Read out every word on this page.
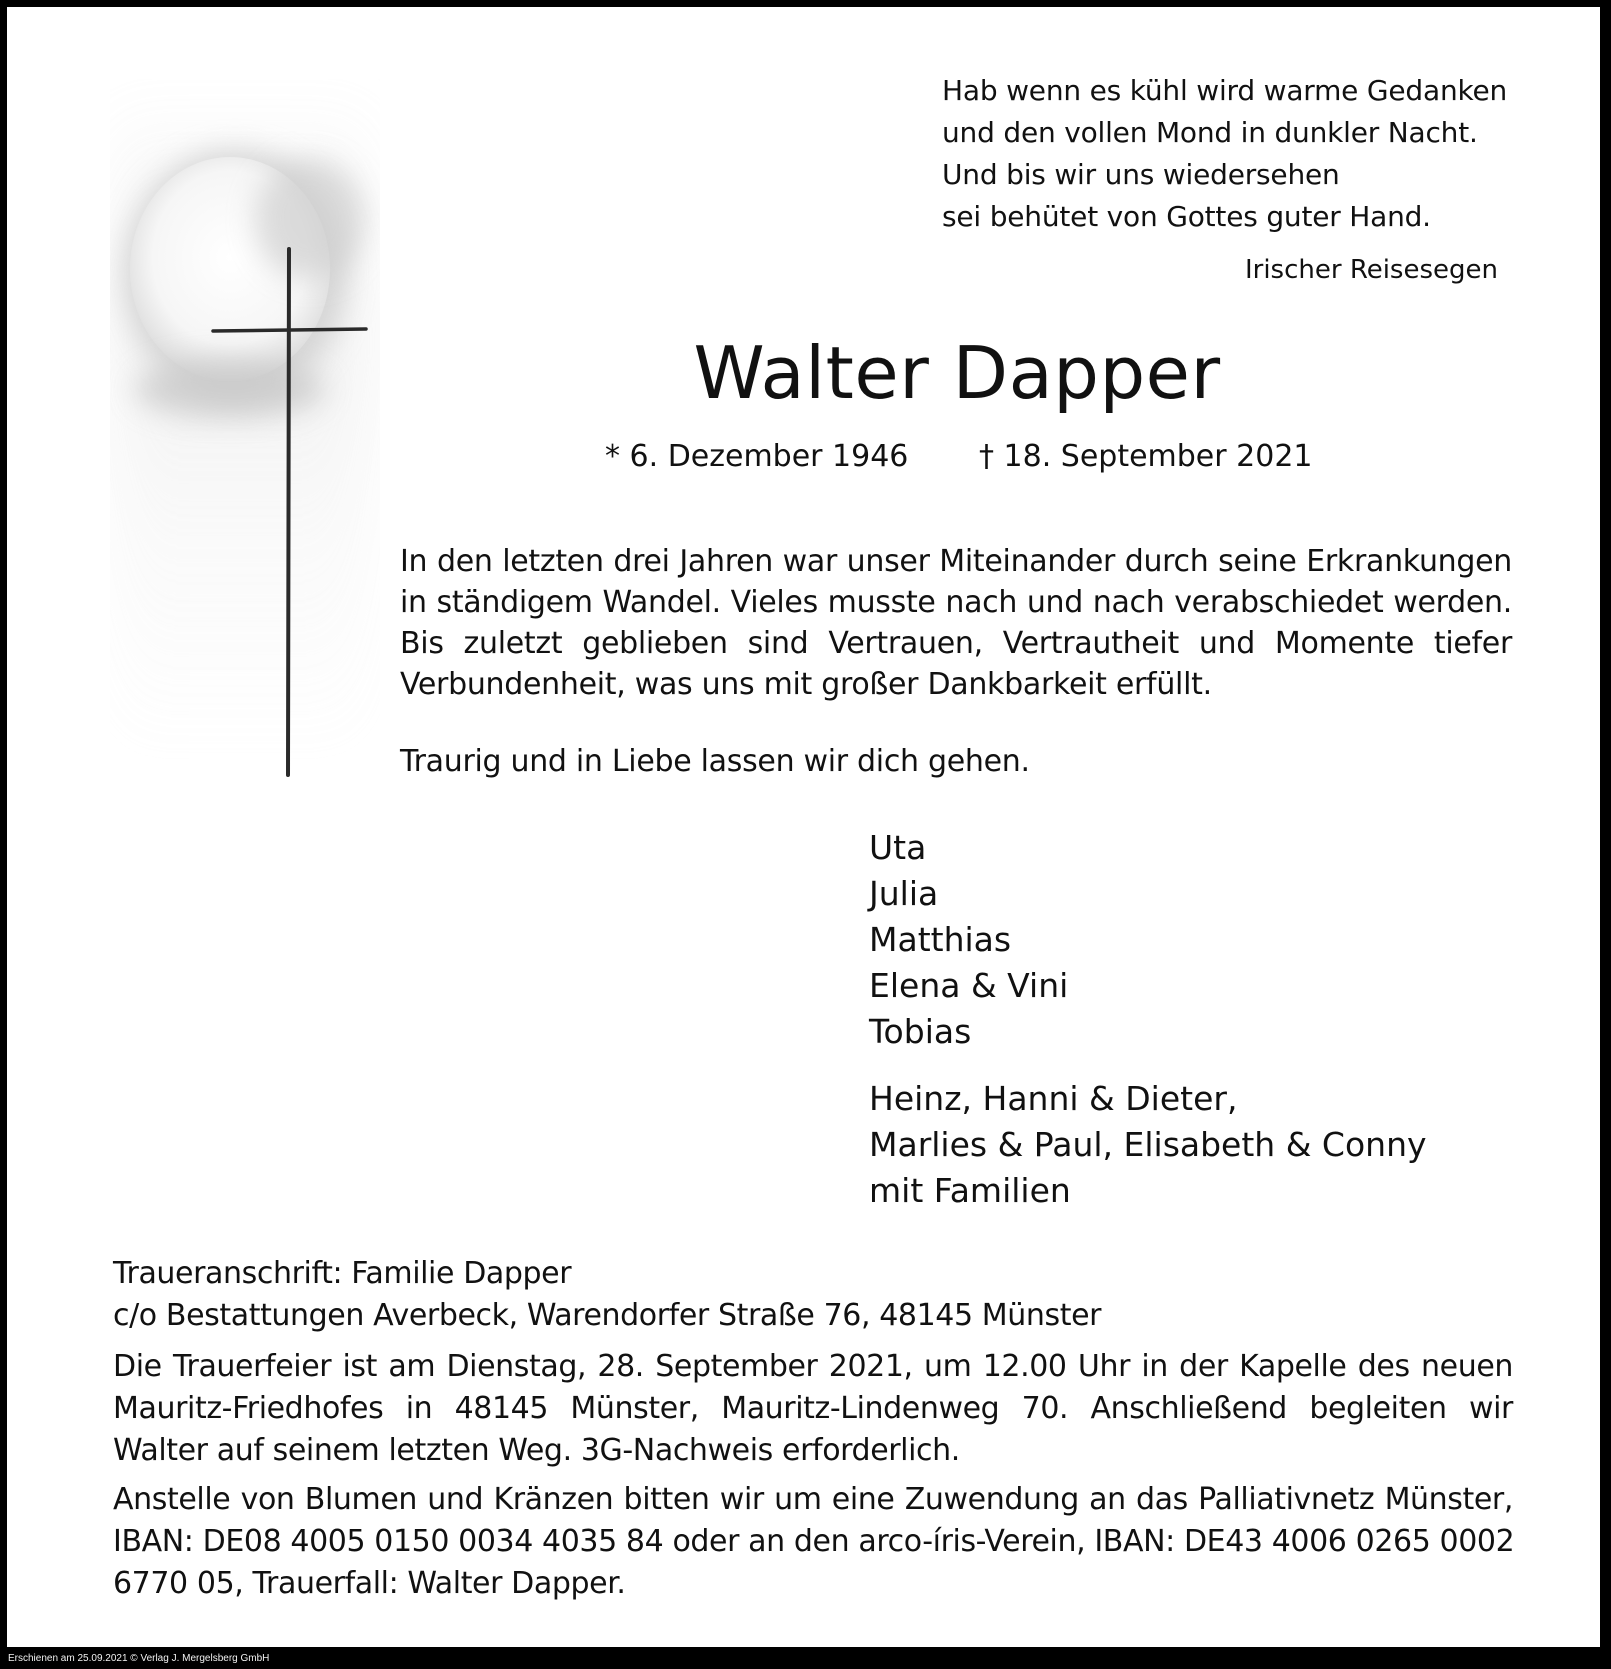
Hab wenn es kühl wird warme Gedanken
und den vollen Mond in dunkler Nacht.
Und bis wir uns wiedersehen
sei behütet von Gottes guter Hand.
Irischer Reisesegen
Walter Dapper
* 6. Dezember 1946 † 18. September 2021
In den letzten drei Jahren war unser Miteinander durch seine Erkrankungen
in ständigem Wandel. Vieles musste nach und nach verabschiedet werden.
Bis zuletzt geblieben sind Vertrauen, Vertrautheit und Momente tiefer
Verbundenheit, was uns mit großer Dankbarkeit erfüllt.
Traurig und in Liebe lassen wir dich gehen.
Uta
Julia
Matthias
Elena & Vini
Tobias
Heinz, Hanni & Dieter,
Marlies & Paul, Elisabeth & Conny
mit Familien
Traueranschrift: Familie Dapper
c/o Bestattungen Averbeck, Warendorfer Straße 76, 48145 Münster
Die Trauerfeier ist am Dienstag, 28. September 2021, um 12.00 Uhr in der Kapelle des neuen
Mauritz-Friedhofes in 48145 Münster, Mauritz-Lindenweg 70. Anschließend begleiten wir
Walter auf seinem letzten Weg. 3G-Nachweis erforderlich.
Anstelle von Blumen und Kränzen bitten wir um eine Zuwendung an das Palliativnetz Münster,
IBAN: DE08 4005 0150 0034 4035 84 oder an den arco-íris-Verein, IBAN: DE43 4006 0265 0002
6770 05, Trauerfall: Walter Dapper.
Erschienen am 25.09.2021 © Verlag J. Mergelsberg GmbH
